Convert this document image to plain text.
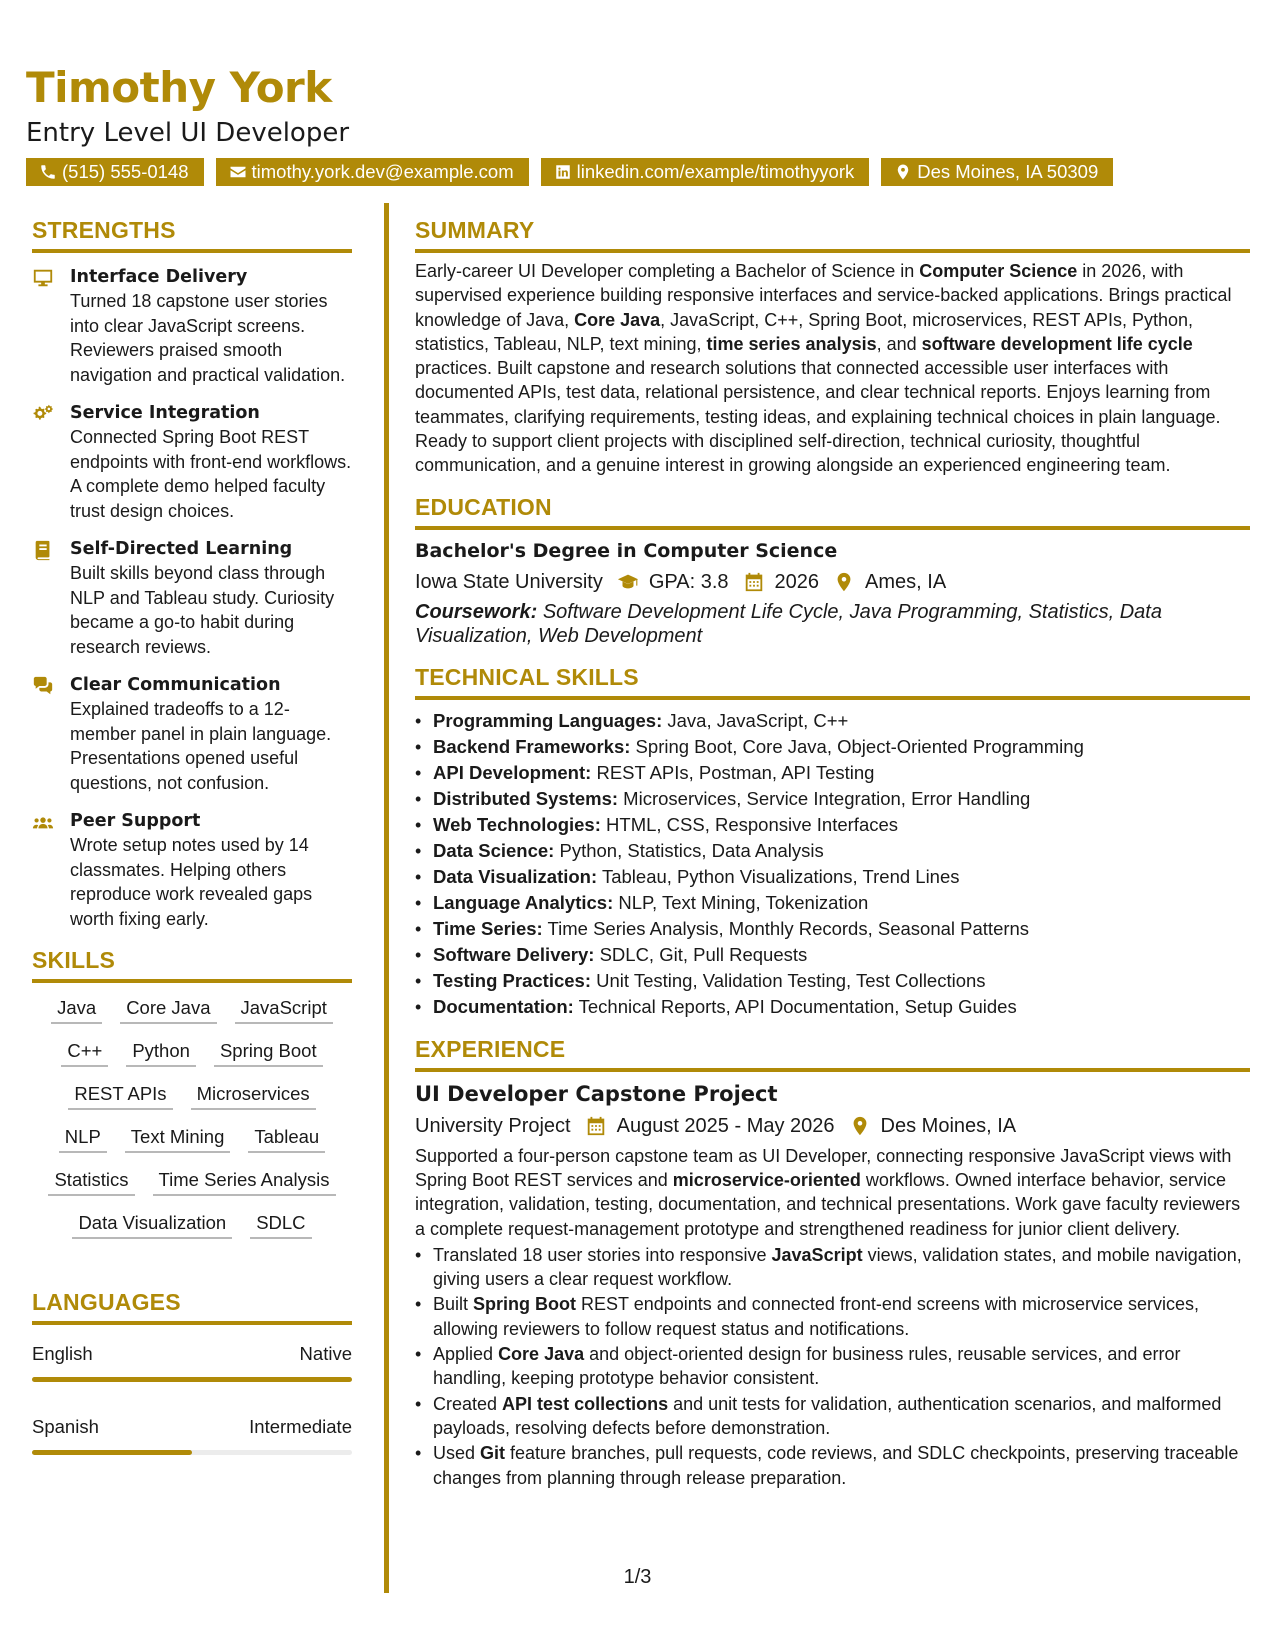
Timothy York
Entry Level UI Developer
(515) 555-0148	timothy.york.dev@example.com	linkedin.com/example/timothyyork	Des Moines, IA 50309
STRENGTHS
Interface Delivery
Turned 18 capstone user stories into clear JavaScript screens. Reviewers praised smooth navigation and practical validation.
Service Integration
Connected Spring Boot REST endpoints with front-end workflows. A complete demo helped faculty trust design choices.
Self-Directed Learning
Built skills beyond class through NLP and Tableau study. Curiosity became a go-to habit during research reviews.
Clear Communication
Explained tradeoffs to a 12-member panel in plain language. Presentations opened useful questions, not confusion.
Peer Support
Wrote setup notes used by 14 classmates. Helping others reproduce work revealed gaps worth fixing early.
SKILLS
Java	Core Java	JavaScript
C++	Python	Spring Boot
REST APIs	Microservices
NLP	Text Mining	Tableau
Statistics	Time Series Analysis
Data Visualization	SDLC
LANGUAGES
English	Native
Spanish	Intermediate
SUMMARY

Early-career UI Developer completing a Bachelor of Science in Computer Science in 2026, with supervised experience building responsive interfaces and service-backed applications. Brings practical knowledge of Java, Core Java, JavaScript, C++, Spring Boot, microservices, REST APIs, Python, statistics, Tableau, NLP, text mining, time series analysis, and software development life cycle practices. Built capstone and research solutions that connected accessible user interfaces with documented APIs, test data, relational persistence, and clear technical reports. Enjoys learning from teammates, clarifying requirements, testing ideas, and explaining technical choices in plain language. Ready to support client projects with disciplined self-direction, technical curiosity, thoughtful communication, and a genuine interest in growing alongside an experienced engineering team.

EDUCATION
Bachelor's Degree in Computer Science
Iowa State University GPA: 3.8 2026 Ames, IA
Coursework: Software Development Life Cycle, Java Programming, Statistics, Data Visualization, Web Development
TECHNICAL SKILLS
• Programming Languages: Java, JavaScript, C++
• Backend Frameworks: Spring Boot, Core Java, Object-Oriented Programming
• API Development: REST APIs, Postman, API Testing
• Distributed Systems: Microservices, Service Integration, Error Handling
• Web Technologies: HTML, CSS, Responsive Interfaces
• Data Science: Python, Statistics, Data Analysis
• Data Visualization: Tableau, Python Visualizations, Trend Lines
• Language Analytics: NLP, Text Mining, Tokenization
• Time Series: Time Series Analysis, Monthly Records, Seasonal Patterns
• Software Delivery: SDLC, Git, Pull Requests
• Testing Practices: Unit Testing, Validation Testing, Test Collections
• Documentation: Technical Reports, API Documentation, Setup Guides
EXPERIENCE
UI Developer Capstone Project
University Project August 2025 - May 2026 Des Moines, IA

Supported a four-person capstone team as UI Developer, connecting responsive JavaScript views with Spring Boot REST services and microservice-oriented workflows. Owned interface behavior, service integration, validation, testing, documentation, and technical presentations. Work gave faculty reviewers a complete request-management prototype and strengthened readiness for junior client delivery.

• Translated 18 user stories into responsive JavaScript views, validation states, and mobile navigation, giving users a clear request workflow.
• Built Spring Boot REST endpoints and connected front-end screens with microservice services, allowing reviewers to follow request status and notifications.
• Applied Core Java and object-oriented design for business rules, reusable services, and error handling, keeping prototype behavior consistent.
• Created API test collections and unit tests for validation, authentication scenarios, and malformed payloads, resolving defects before demonstration.
• Used Git feature branches, pull requests, code reviews, and SDLC checkpoints, preserving traceable changes from planning through release preparation.
1/3
